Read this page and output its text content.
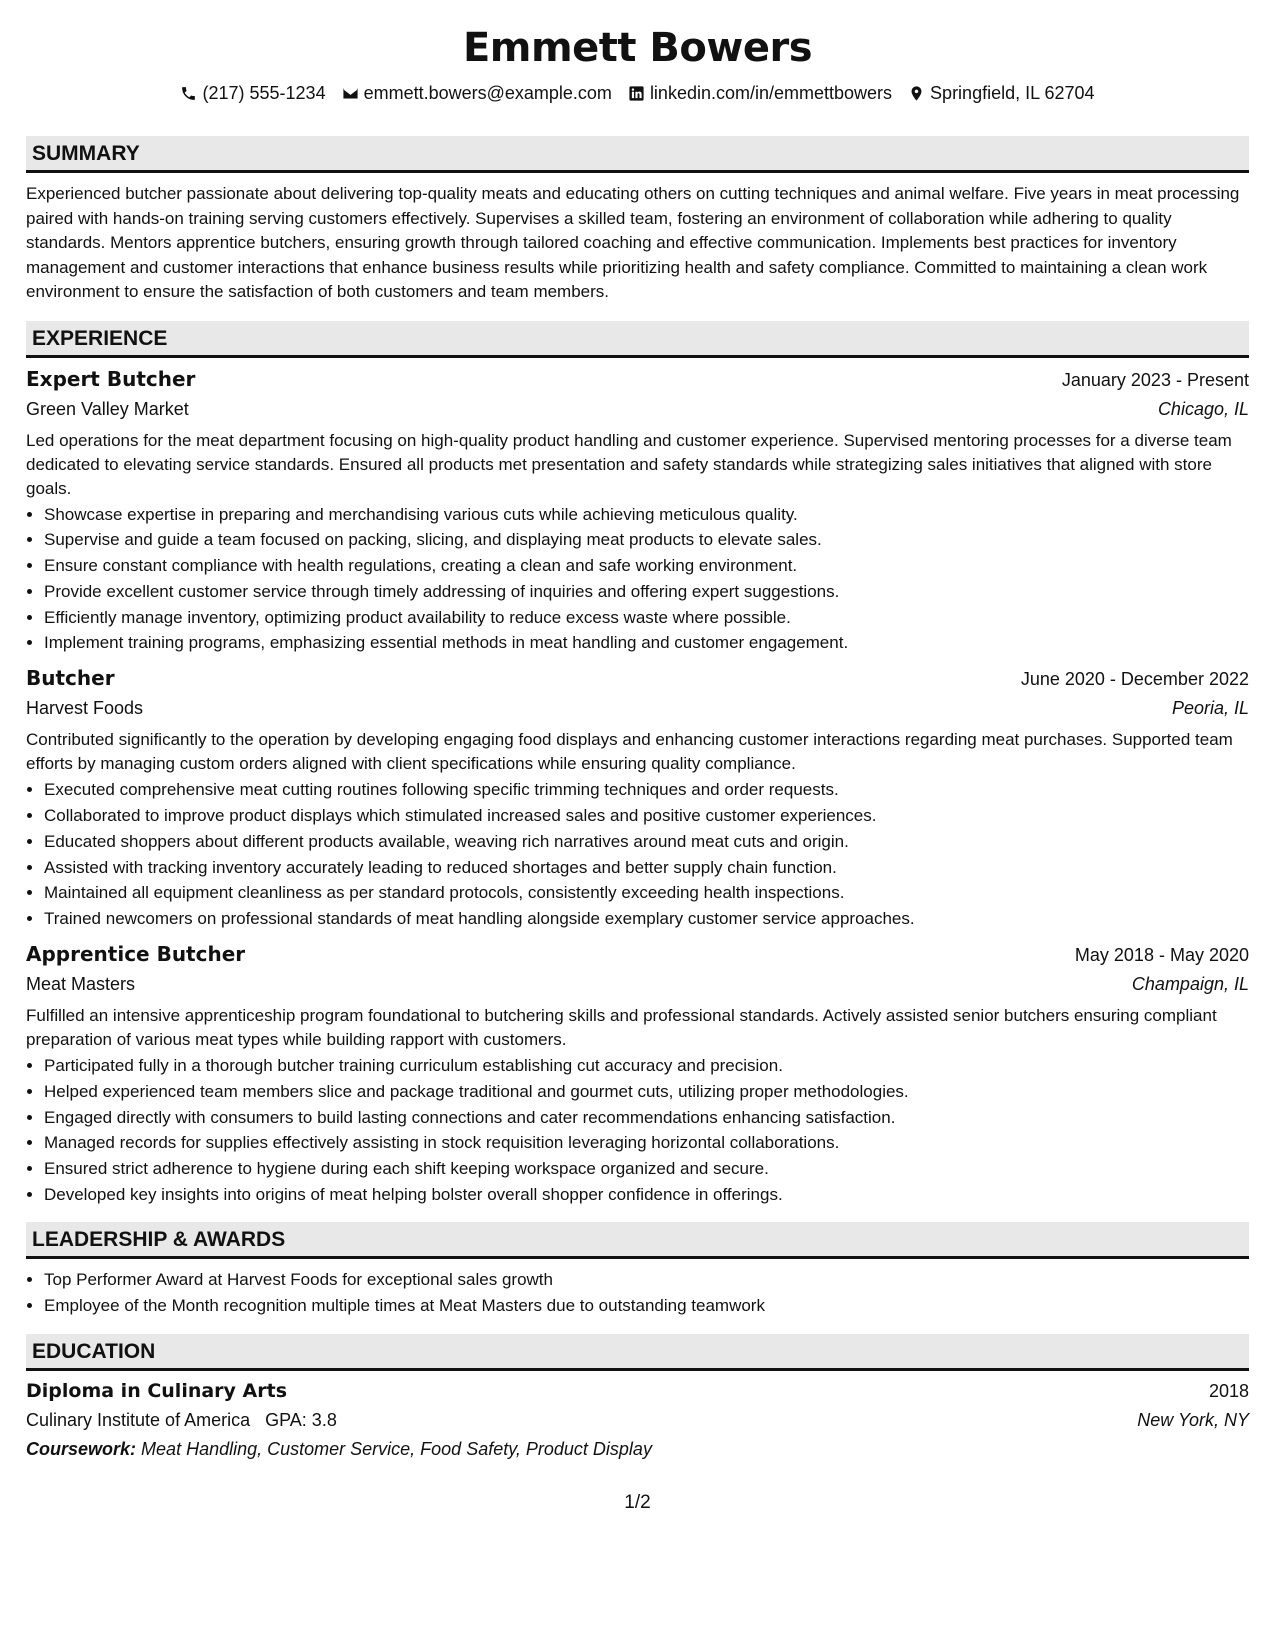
Emmett Bowers
(217) 555-1234 emmett.bowers@example.com linkedin.com/in/emmettbowers Springfield, IL 62704
SUMMARY

Experienced butcher passionate about delivering top-quality meats and educating others on cutting techniques and animal welfare. Five years in meat processing paired with hands-on training serving customers effectively. Supervises a skilled team, fostering an environment of collaboration while adhering to quality standards. Mentors apprentice butchers, ensuring growth through tailored coaching and effective communication. Implements best practices for inventory management and customer interactions that enhance business results while prioritizing health and safety compliance. Committed to maintaining a clean work environment to ensure the satisfaction of both customers and team members.

EXPERIENCE
Expert Butcher	January 2023 - Present
Green Valley Market	Chicago, IL

Led operations for the meat department focusing on high-quality product handling and customer experience. Supervised mentoring processes for a diverse team dedicated to elevating service standards. Ensured all products met presentation and safety standards while strategizing sales initiatives that aligned with store goals.

• Showcase expertise in preparing and merchandising various cuts while achieving meticulous quality.
• Supervise and guide a team focused on packing, slicing, and displaying meat products to elevate sales.
• Ensure constant compliance with health regulations, creating a clean and safe working environment.
• Provide excellent customer service through timely addressing of inquiries and offering expert suggestions.
• Efficiently manage inventory, optimizing product availability to reduce excess waste where possible.
• Implement training programs, emphasizing essential methods in meat handling and customer engagement.
Butcher	June 2020 - December 2022
Harvest Foods	Peoria, IL

Contributed significantly to the operation by developing engaging food displays and enhancing customer interactions regarding meat purchases. Supported team efforts by managing custom orders aligned with client specifications while ensuring quality compliance.

• Executed comprehensive meat cutting routines following specific trimming techniques and order requests.
• Collaborated to improve product displays which stimulated increased sales and positive customer experiences.
• Educated shoppers about different products available, weaving rich narratives around meat cuts and origin.
• Assisted with tracking inventory accurately leading to reduced shortages and better supply chain function.
• Maintained all equipment cleanliness as per standard protocols, consistently exceeding health inspections.
• Trained newcomers on professional standards of meat handling alongside exemplary customer service approaches.
Apprentice Butcher	May 2018 - May 2020
Meat Masters	Champaign, IL

Fulfilled an intensive apprenticeship program foundational to butchering skills and professional standards. Actively assisted senior butchers ensuring compliant preparation of various meat types while building rapport with customers.

• Participated fully in a thorough butcher training curriculum establishing cut accuracy and precision.
• Helped experienced team members slice and package traditional and gourmet cuts, utilizing proper methodologies.
• Engaged directly with consumers to build lasting connections and cater recommendations enhancing satisfaction.
• Managed records for supplies effectively assisting in stock requisition leveraging horizontal collaborations.
• Ensured strict adherence to hygiene during each shift keeping workspace organized and secure.
• Developed key insights into origins of meat helping bolster overall shopper confidence in offerings.
LEADERSHIP & AWARDS
• Top Performer Award at Harvest Foods for exceptional sales growth
• Employee of the Month recognition multiple times at Meat Masters due to outstanding teamwork
EDUCATION
Diploma in Culinary Arts	2018
Culinary Institute of America GPA: 3.8	New York, NY
Coursework: Meat Handling, Customer Service, Food Safety, Product Display
1/2
